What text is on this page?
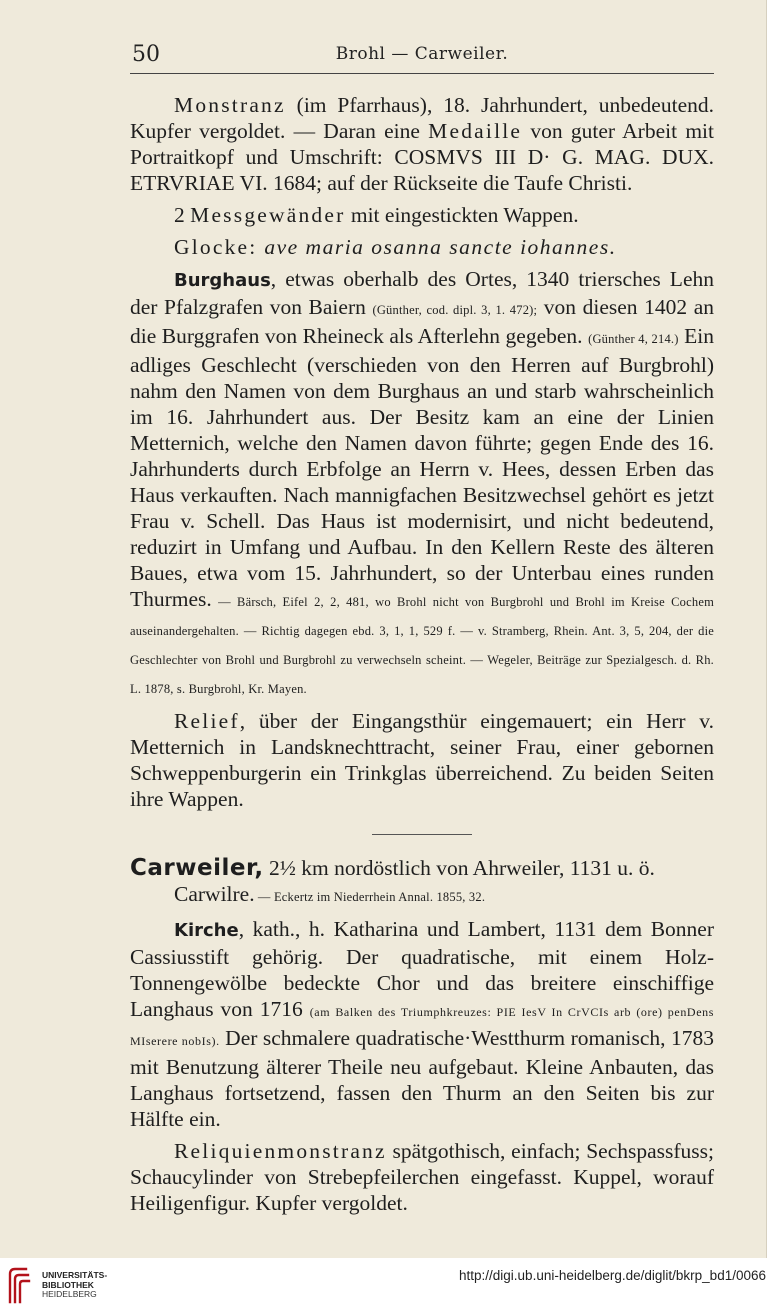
50	Brohl — Carweiler.

Monstranz (im Pfarrhaus), 18. Jahrhundert, unbedeutend. Kupfer vergoldet. — Daran eine Medaille von guter Arbeit mit Portraitkopf und Umschrift: COSMVS III D· G. MAG. DUX. ETRVRIAE VI. 1684; auf der Rückseite die Taufe Christi.

2 Messgewänder mit eingestickten Wappen.

Glocke: ave maria osanna sancte iohannes.

Burghaus, etwas oberhalb des Ortes, 1340 triersches Lehn der Pfalzgrafen von Baiern (Günther, cod. dipl. 3, 1. 472); von diesen 1402 an die Burggrafen von Rheineck als Afterlehn gegeben. (Günther 4, 214.) Ein adliges Geschlecht (verschieden von den Herren auf Burgbrohl) nahm den Namen von dem Burghaus an und starb wahrscheinlich im 16. Jahrhundert aus. Der Besitz kam an eine der Linien Metternich, welche den Namen davon führte; gegen Ende des 16. Jahrhunderts durch Erbfolge an Herrn v. Hees, dessen Erben das Haus verkauften. Nach mannigfachen Besitzwechsel gehört es jetzt Frau v. Schell. Das Haus ist modernisirt, und nicht bedeutend, reduzirt in Umfang und Aufbau. In den Kellern Reste des älteren Baues, etwa vom 15. Jahrhundert, so der Unterbau eines runden Thurmes. — Bärsch, Eifel 2, 2, 481, wo Brohl nicht von Burgbrohl und Brohl im Kreise Cochem auseinandergehalten. — Richtig dagegen ebd. 3, 1, 1, 529 f. — v. Stramberg, Rhein. Ant. 3, 5, 204, der die Geschlechter von Brohl und Burgbrohl zu verwechseln scheint. — Wegeler, Beiträge zur Spezialgesch. d. Rh. L. 1878, s. Burgbrohl, Kr. Mayen.

Relief, über der Eingangsthür eingemauert; ein Herr v. Metternich in Landsknechttracht, seiner Frau, einer gebornen Schweppenburgerin ein Trinkglas überreichend. Zu beiden Seiten ihre Wappen.

Carweiler, 2½ km nordöstlich von Ahrweiler, 1131 u. ö.

Carwilre. — Eckertz im Niederrhein Annal. 1855, 32.

Kirche, kath., h. Katharina und Lambert, 1131 dem Bonner Cassiusstift gehörig. Der quadratische, mit einem Holz-Tonnengewölbe bedeckte Chor und das breitere einschiffige Langhaus von 1716 (am Balken des Triumphkreuzes: PIE IesV In CrVCIs arb (ore) penDens MIserere nobIs). Der schmalere quadratische·Westthurm romanisch, 1783 mit Benutzung älterer Theile neu aufgebaut. Kleine Anbauten, das Langhaus fortsetzend, fassen den Thurm an den Seiten bis zur Hälfte ein.

Reliquienmonstranz spätgothisch, einfach; Sechspassfuss; Schaucylinder von Strebepfeilerchen eingefasst. Kuppel, worauf Heiligenfigur. Kupfer vergoldet.

UNIVERSITÄTS-
BIBLIOTHEK
HEIDELBERG
http://digi.ub.uni-heidelberg.de/diglit/bkrp_bd1/0066
